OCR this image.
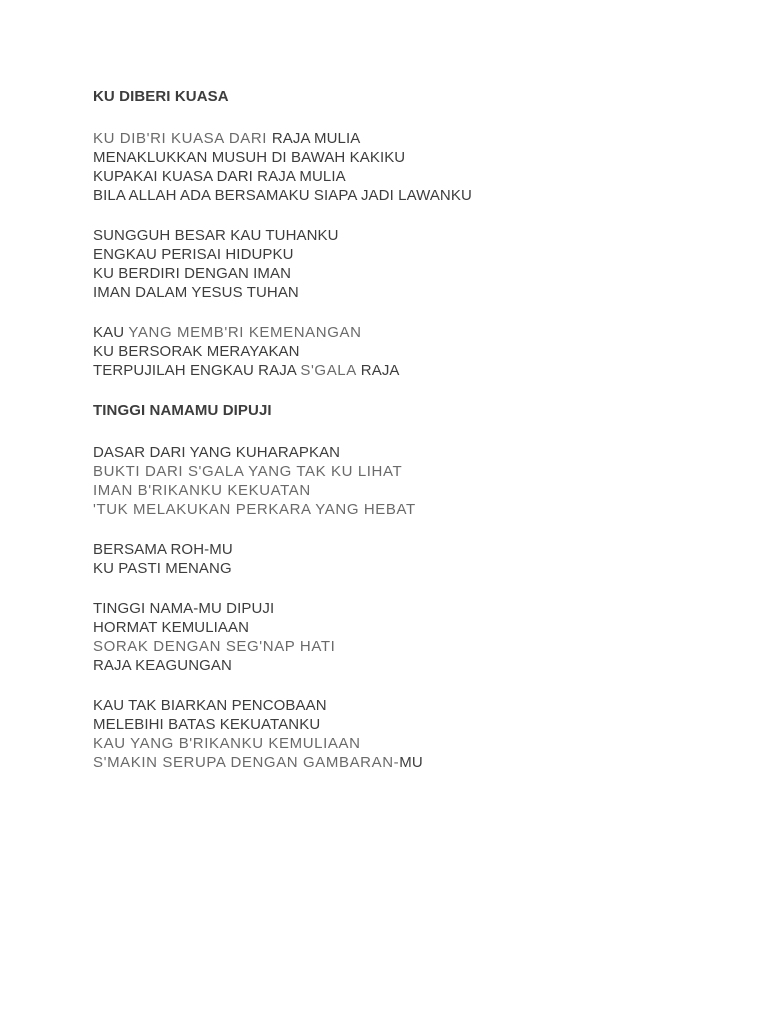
KU DIBERI KUASA
KU DIB'RI KUASA DARI RAJA MULIA
MENAKLUKKAN MUSUH DI BAWAH KAKIKU
KUPAKAI KUASA DARI RAJA MULIA
BILA ALLAH ADA BERSAMAKU SIAPA JADI LAWANKU
SUNGGUH BESAR KAU TUHANKU
ENGKAU PERISAI HIDUPKU
KU BERDIRI DENGAN IMAN
IMAN DALAM YESUS TUHAN
KAU YANG MEMB'RI KEMENANGAN
KU BERSORAK MERAYAKAN
TERPUJILAH ENGKAU RAJA S'GALA RAJA
TINGGI NAMAMU DIPUJI
DASAR DARI YANG KUHARAPKAN
BUKTI DARI S'GALA YANG TAK KU LIHAT
IMAN B'RIKANKU KEKUATAN
'TUK MELAKUKAN PERKARA YANG HEBAT
BERSAMA ROH-MU
KU PASTI MENANG
TINGGI NAMA-MU DIPUJI
HORMAT KEMULIAAN
SORAK DENGAN SEG'NAP HATI
RAJA KEAGUNGAN
KAU TAK BIARKAN PENCOBAAN
MELEBIHI BATAS KEKUATANKU
KAU YANG B'RIKANKU KEMULIAAN
S'MAKIN SERUPA DENGAN GAMBARAN-MU
